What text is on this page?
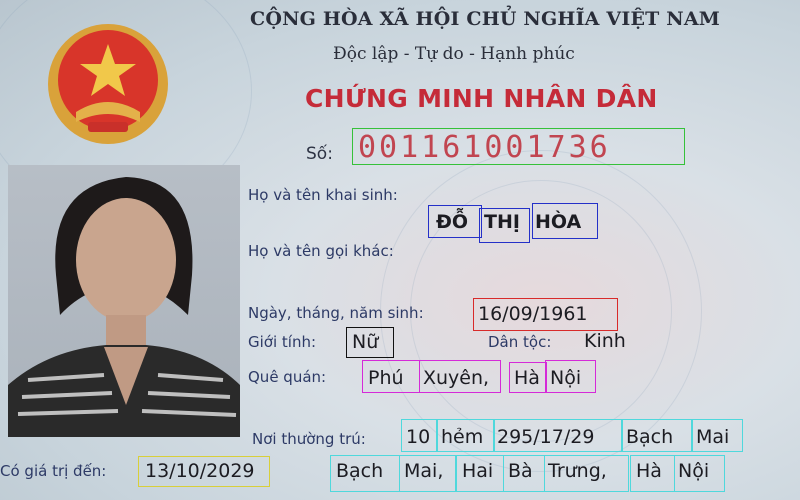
CỘNG HÒA XÃ HỘI CHỦ NGHĨA VIỆT NAM
Độc lập - Tự do - Hạnh phúc
CHỨNG MINH NHÂN DÂN
Số: 001161001736
Họ và tên khai sinh:
ĐỖ THỊ HÒA
Họ và tên gọi khác:
Ngày, tháng, năm sinh:	16/09/1961
Giới tính: Nữ	Dân tộc: Kinh
Quê quán: Phú Xuyên, Hà Nội
Nơi thường trú: 10 hẻm 295/17/29 Bạch Mai
Bạch Mai, Hai Bà Trưng, Hà Nội
Có giá trị đến: 13/10/2029
